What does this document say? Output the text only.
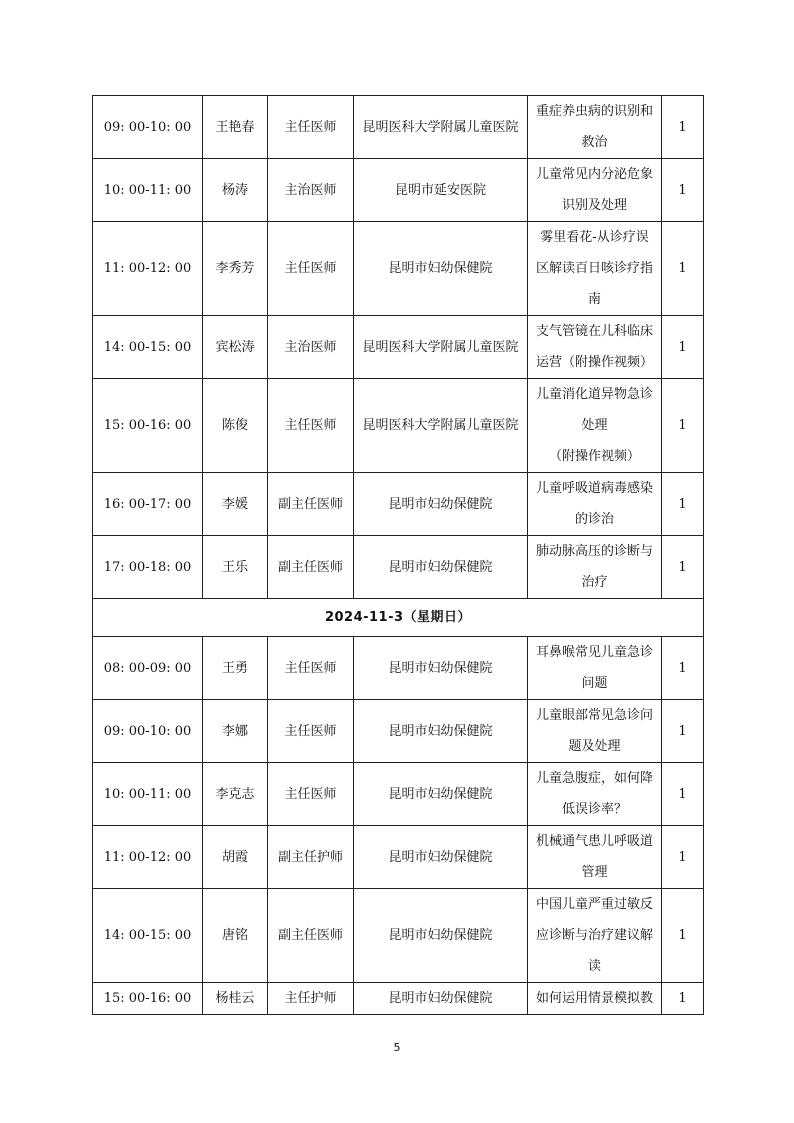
09: 00-10: 00	王艳春	主任医师	昆明医科大学附属儿童医院	重症养虫病的识别和
救治	1
10: 00-11: 00	杨涛	主治医师	昆明市延安医院	儿童常见内分泌危象
识别及处理	1
11: 00-12: 00	李秀芳	主任医师	昆明市妇幼保健院	雾里看花-从诊疗误
区解读百日咳诊疗指
南	1
14: 00-15: 00	宾松涛	主治医师	昆明医科大学附属儿童医院	支气管镜在儿科临床
运营（附操作视频）	1
15: 00-16: 00	陈俊	主任医师	昆明医科大学附属儿童医院	儿童消化道异物急诊
处理
（附操作视频）	1
16: 00-17: 00	李媛	副主任医师	昆明市妇幼保健院	儿童呼吸道病毒感染
的诊治	1
17: 00-18: 00	王乐	副主任医师	昆明市妇幼保健院	肺动脉高压的诊断与
治疗	1
2024-11-3（星期日）					
08: 00-09: 00	王勇	主任医师	昆明市妇幼保健院	耳鼻喉常见儿童急诊
问题	1
09: 00-10: 00	李娜	主任医师	昆明市妇幼保健院	儿童眼部常见急诊问
题及处理	1
10: 00-11: 00	李克志	主任医师	昆明市妇幼保健院	儿童急腹症，如何降
低误诊率？	1
11: 00-12: 00	胡霞	副主任护师	昆明市妇幼保健院	机械通气患儿呼吸道
管理	1
14: 00-15: 00	唐铭	副主任医师	昆明市妇幼保健院	中国儿童严重过敏反
应诊断与治疗建议解
读	1
15: 00-16: 00	杨桂云	主任护师	昆明市妇幼保健院	如何运用情景模拟教	1
5
